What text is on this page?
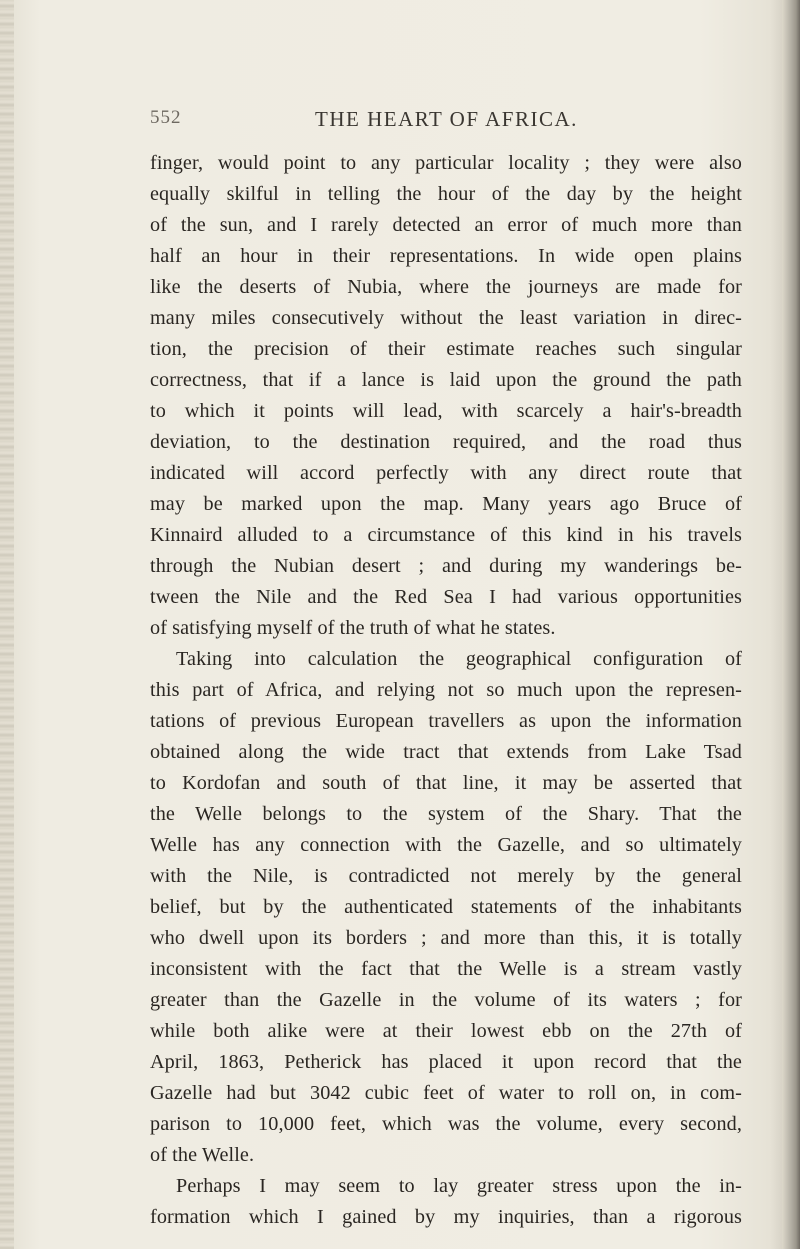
552	THE HEART OF AFRICA.
finger, would point to any particular locality ; they were also
equally skilful in telling the hour of the day by the height
of the sun, and I rarely detected an error of much more than
half an hour in their representations. In wide open plains
like the deserts of Nubia, where the journeys are made for
many miles consecutively without the least variation in direc-
tion, the precision of their estimate reaches such singular
correctness, that if a lance is laid upon the ground the path
to which it points will lead, with scarcely a hair's-breadth
deviation, to the destination required, and the road thus
indicated will accord perfectly with any direct route that
may be marked upon the map. Many years ago Bruce of
Kinnaird alluded to a circumstance of this kind in his travels
through the Nubian desert ; and during my wanderings be-
tween the Nile and the Red Sea I had various opportunities
of satisfying myself of the truth of what he states.
Taking into calculation the geographical configuration of
this part of Africa, and relying not so much upon the represen-
tations of previous European travellers as upon the information
obtained along the wide tract that extends from Lake Tsad
to Kordofan and south of that line, it may be asserted that
the Welle belongs to the system of the Shary. That the
Welle has any connection with the Gazelle, and so ultimately
with the Nile, is contradicted not merely by the general
belief, but by the authenticated statements of the inhabitants
who dwell upon its borders ; and more than this, it is totally
inconsistent with the fact that the Welle is a stream vastly
greater than the Gazelle in the volume of its waters ; for
while both alike were at their lowest ebb on the 27th of
April, 1863, Petherick has placed it upon record that the
Gazelle had but 3042 cubic feet of water to roll on, in com-
parison to 10,000 feet, which was the volume, every second,
of the Welle.
Perhaps I may seem to lay greater stress upon the in-
formation which I gained by my inquiries, than a rigorous
